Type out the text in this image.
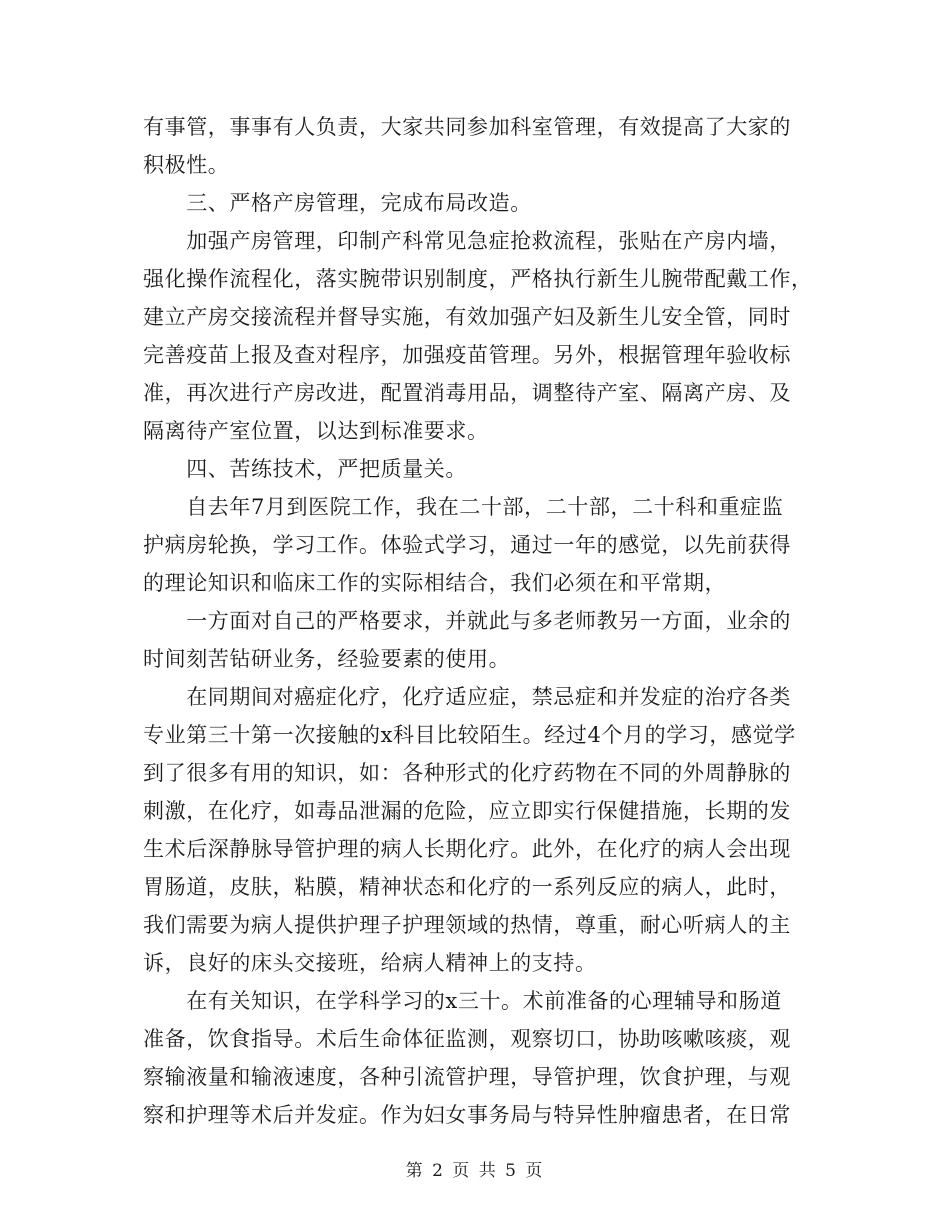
有事管，事事有人负责，大家共同参加科室管理，有效提高了大家的
积极性。
　　三、严格产房管理，完成布局改造。
　　加强产房管理，印制产科常见急症抢救流程，张贴在产房内墙，
强化操作流程化，落实腕带识别制度，严格执行新生儿腕带配戴工作，
建立产房交接流程并督导实施，有效加强产妇及新生儿安全管，同时
完善疫苗上报及查对程序，加强疫苗管理。另外，根据管理年验收标
准，再次进行产房改进，配置消毒用品，调整待产室、隔离产房、及
隔离待产室位置，以达到标准要求。
　　四、苦练技术，严把质量关。
　　自去年7月到医院工作，我在二十部，二十部，二十科和重症监
护病房轮换，学习工作。体验式学习，通过一年的感觉，以先前获得
的理论知识和临床工作的实际相结合，我们必须在和平常期，
　　一方面对自己的严格要求，并就此与多老师教另一方面，业余的
时间刻苦钻研业务，经验要素的使用。
　　在同期间对癌症化疗，化疗适应症，禁忌症和并发症的治疗各类
专业第三十第一次接触的x科目比较陌生。经过4个月的学习，感觉学
到了很多有用的知识，如：各种形式的化疗药物在不同的外周静脉的
刺激，在化疗，如毒品泄漏的危险，应立即实行保健措施，长期的发
生术后深静脉导管护理的病人长期化疗。此外，在化疗的病人会出现
胃肠道，皮肤，粘膜，精神状态和化疗的一系列反应的病人，此时，
我们需要为病人提供护理子护理领域的热情，尊重，耐心听病人的主
诉，良好的床头交接班，给病人精神上的支持。
　　在有关知识，在学科学习的x三十。术前准备的心理辅导和肠道
准备，饮食指导。术后生命体征监测，观察切口，协助咳嗽咳痰，观
察输液量和输液速度，各种引流管护理，导管护理，饮食护理，与观
察和护理等术后并发症。作为妇女事务局与特异性肿瘤患者，在日常
第 2 页 共 5 页
